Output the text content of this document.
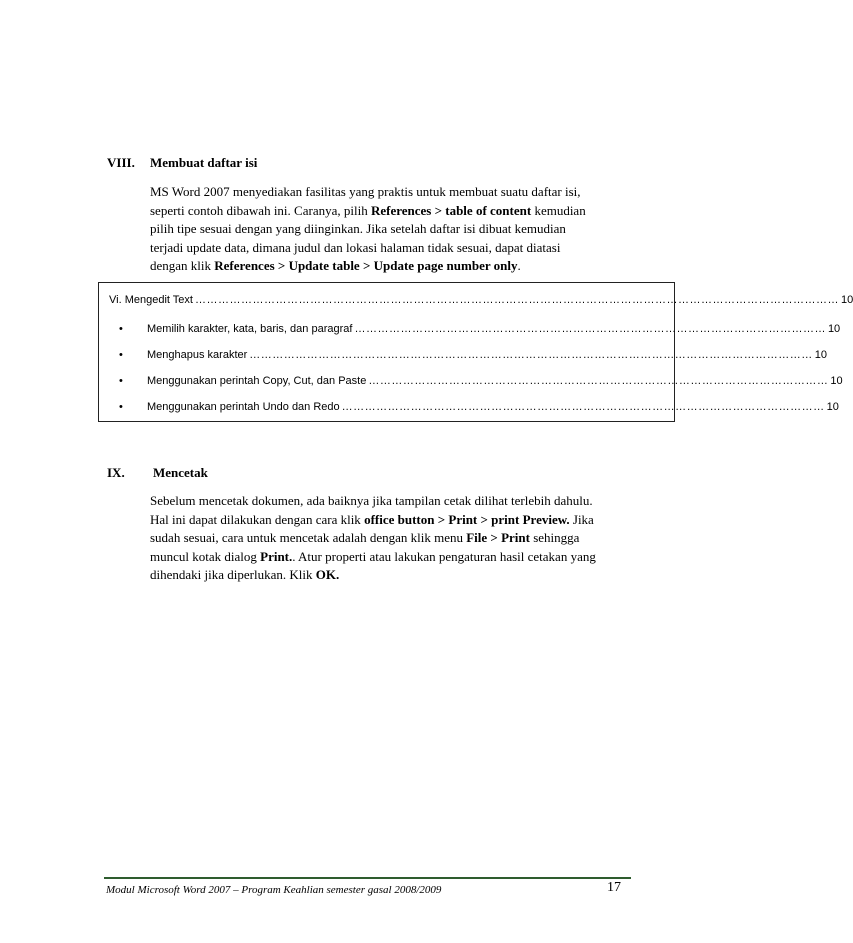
VIII. Membuat daftar isi
MS Word 2007 menyediakan fasilitas yang praktis untuk membuat suatu daftar isi,
seperti contoh dibawah ini. Caranya, pilih References > table of content kemudian
pilih tipe sesuai dengan yang diinginkan. Jika setelah daftar isi dibuat kemudian
terjadi update data, dimana judul dan lokasi halaman tidak sesuai, dapat diatasi
dengan klik References > Update table > Update page number only.
Vi. Mengedit Text …………………………………………………………………………………………………………………………………………………… 10
• Memilih karakter, kata, baris, dan paragraf …………………………………………………………………………………………………………… 10
• Menghapus karakter ………………………………………………………………………………………………………………………………… 10
• Menggunakan perintah Copy, Cut, dan Paste ………………………………………………………………………………………………………… 10
• Menggunakan perintah Undo dan Redo ……………………………………………………………………………………………………………… 10
IX. Mencetak
Sebelum mencetak dokumen, ada baiknya jika tampilan cetak dilihat terlebih dahulu.
Hal ini dapat dilakukan dengan cara klik office button > Print > print Preview. Jika
sudah sesuai, cara untuk mencetak adalah dengan klik menu File > Print sehingga
muncul kotak dialog Print.. Atur properti atau lakukan pengaturan hasil cetakan yang
dihendaki jika diperlukan. Klik OK.
Modul Microsoft Word 2007 – Program Keahlian semester gasal 2008/2009	17
